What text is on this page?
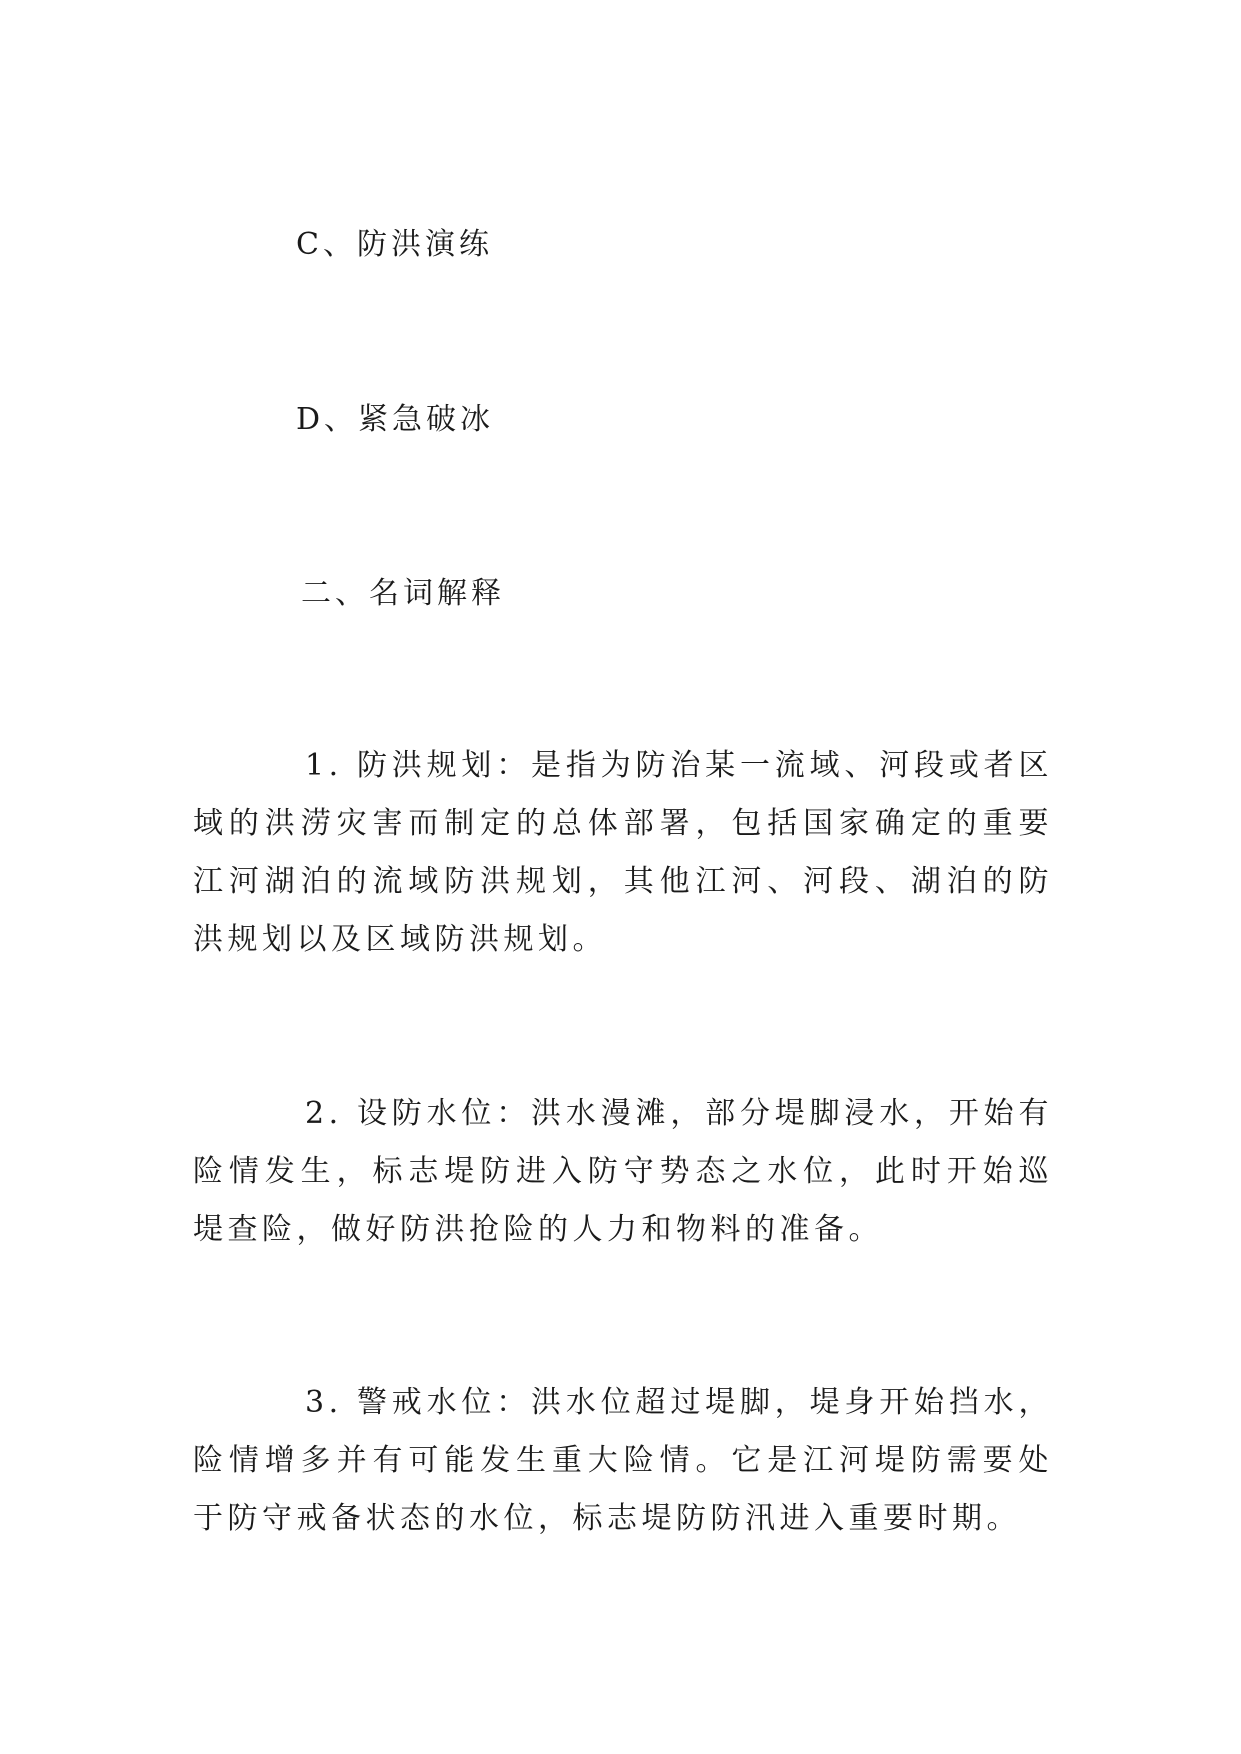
C、防洪演练
D、紧急破冰
二、名词解释

1. 防洪规划：是指为防治某一流域、河段或者区域的洪涝灾害而制定的总体部署，包括国家确定的重要江河湖泊的流域防洪规划，其他江河、河段、湖泊的防洪规划以及区域防洪规划。

2. 设防水位：洪水漫滩，部分堤脚浸水，开始有险情发生，标志堤防进入防守势态之水位，此时开始巡堤查险，做好防洪抢险的人力和物料的准备。

3. 警戒水位：洪水位超过堤脚，堤身开始挡水，险情增多并有可能发生重大险情。它是江河堤防需要处于防守戒备状态的水位，标志堤防防汛进入重要时期。
